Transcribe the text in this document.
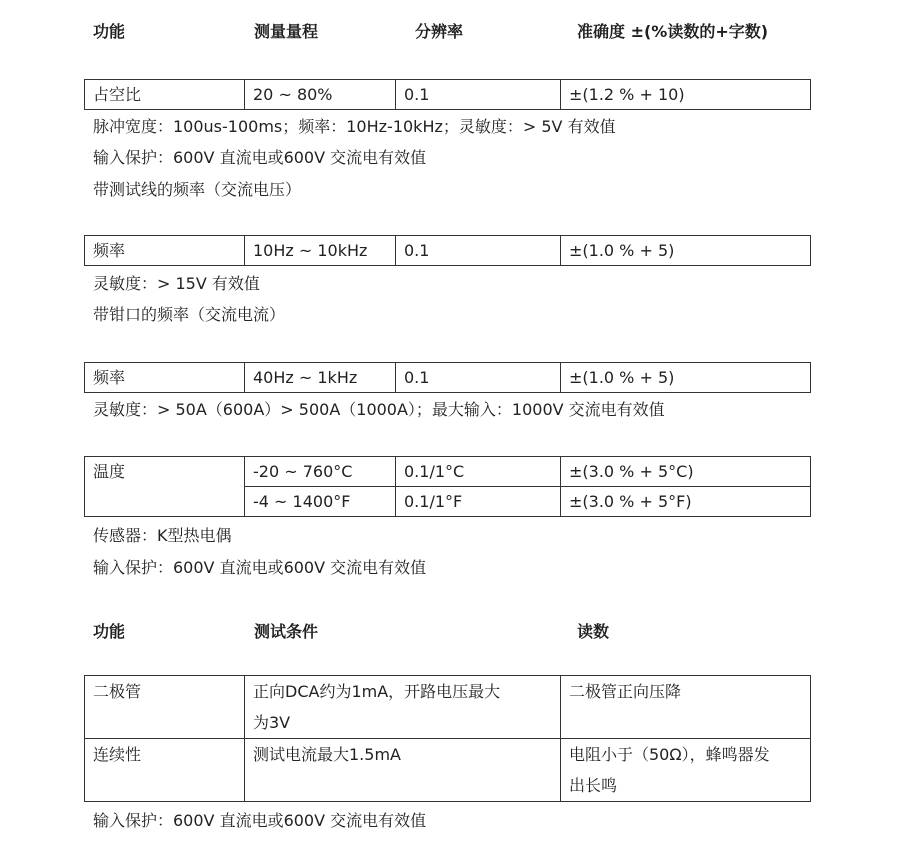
功能	测量量程	分辨率	准确度 ±(%读数的+字数)
占空比	20 ~ 80%	0.1	±(1.2 % + 10)
脉冲宽度：100us-100ms；频率：10Hz-10kHz；灵敏度：> 5V 有效值
输入保护：600V 直流电或600V 交流电有效值
带测试线的频率（交流电压）
频率	10Hz ~ 10kHz	0.1	±(1.0 % + 5)
灵敏度：> 15V 有效值
带钳口的频率（交流电流）
频率	40Hz ~ 1kHz	0.1	±(1.0 % + 5)
灵敏度：> 50A（600A）> 500A（1000A）；最大输入：1000V 交流电有效值
温度	-20 ~ 760°C	0.1/1°C	±(3.0 % + 5°C)
	-4 ~ 1400°F	0.1/1°F	±(3.0 % + 5°F)
传感器：K型热电偶
输入保护：600V 直流电或600V 交流电有效值
功能	测试条件	读数
二极管	正向DCA约为1mA，开路电压最大为3V	二极管正向压降
连续性	测试电流最大1.5mA	电阻小于（50Ω），蜂鸣器发出长鸣
输入保护：600V 直流电或600V 交流电有效值
